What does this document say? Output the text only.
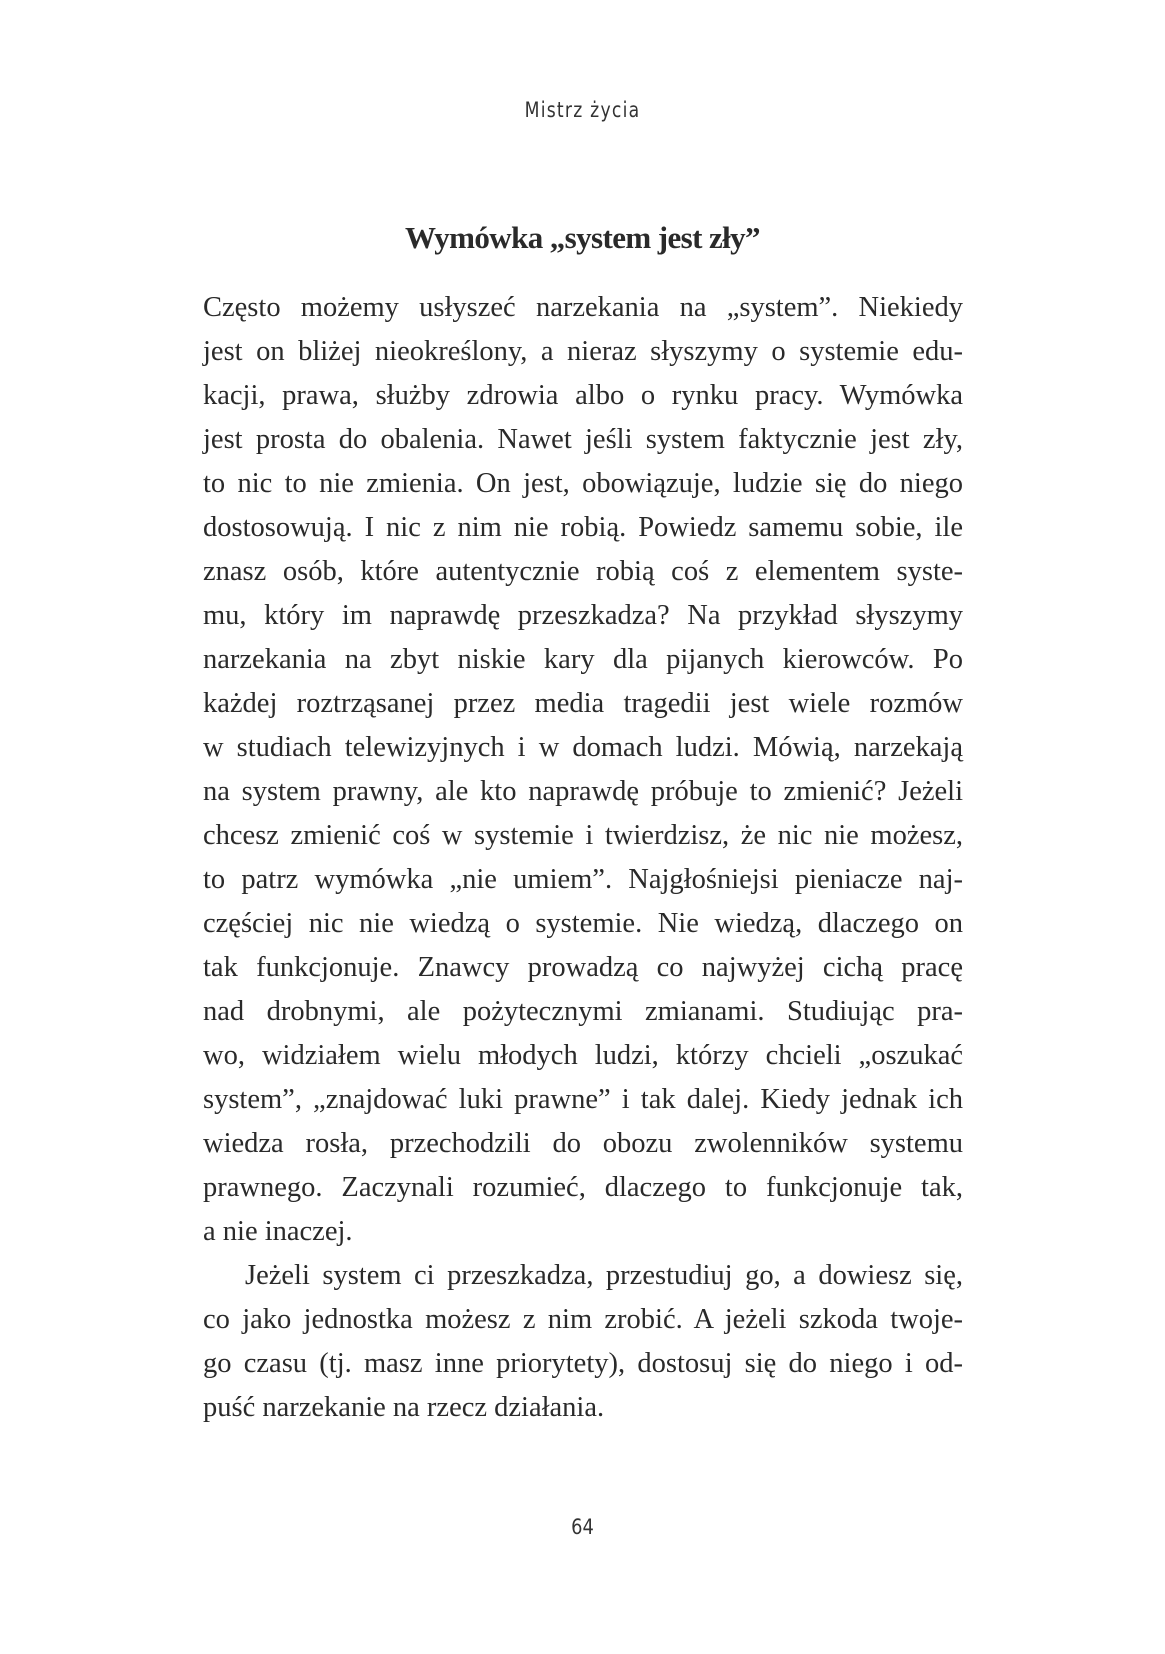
Mistrz życia
Wymówka „system jest zły”
Często możemy usłyszeć narzekania na „system”. Niekiedy
jest on bliżej nieokreślony, a nieraz słyszymy o systemie edu-
kacji, prawa, służby zdrowia albo o rynku pracy. Wymówka
jest prosta do obalenia. Nawet jeśli system faktycznie jest zły,
to nic to nie zmienia. On jest, obowiązuje, ludzie się do niego
dostosowują. I nic z nim nie robią. Powiedz samemu sobie, ile
znasz osób, które autentycznie robią coś z elementem syste-
mu, który im naprawdę przeszkadza? Na przykład słyszymy
narzekania na zbyt niskie kary dla pijanych kierowców. Po
każdej roztrząsanej przez media tragedii jest wiele rozmów
w studiach telewizyjnych i w domach ludzi. Mówią, narzekają
na system prawny, ale kto naprawdę próbuje to zmienić? Jeżeli
chcesz zmienić coś w systemie i twierdzisz, że nic nie możesz,
to patrz wymówka „nie umiem”. Najgłośniejsi pieniacze naj-
częściej nic nie wiedzą o systemie. Nie wiedzą, dlaczego on
tak funkcjonuje. Znawcy prowadzą co najwyżej cichą pracę
nad drobnymi, ale pożytecznymi zmianami. Studiując pra-
wo, widziałem wielu młodych ludzi, którzy chcieli „oszukać
system”, „znajdować luki prawne” i tak dalej. Kiedy jednak ich
wiedza rosła, przechodzili do obozu zwolenników systemu
prawnego. Zaczynali rozumieć, dlaczego to funkcjonuje tak,
a nie inaczej.
Jeżeli system ci przeszkadza, przestudiuj go, a dowiesz się,
co jako jednostka możesz z nim zrobić. A jeżeli szkoda twoje-
go czasu (tj. masz inne priorytety), dostosuj się do niego i od-
puść narzekanie na rzecz działania.
64
